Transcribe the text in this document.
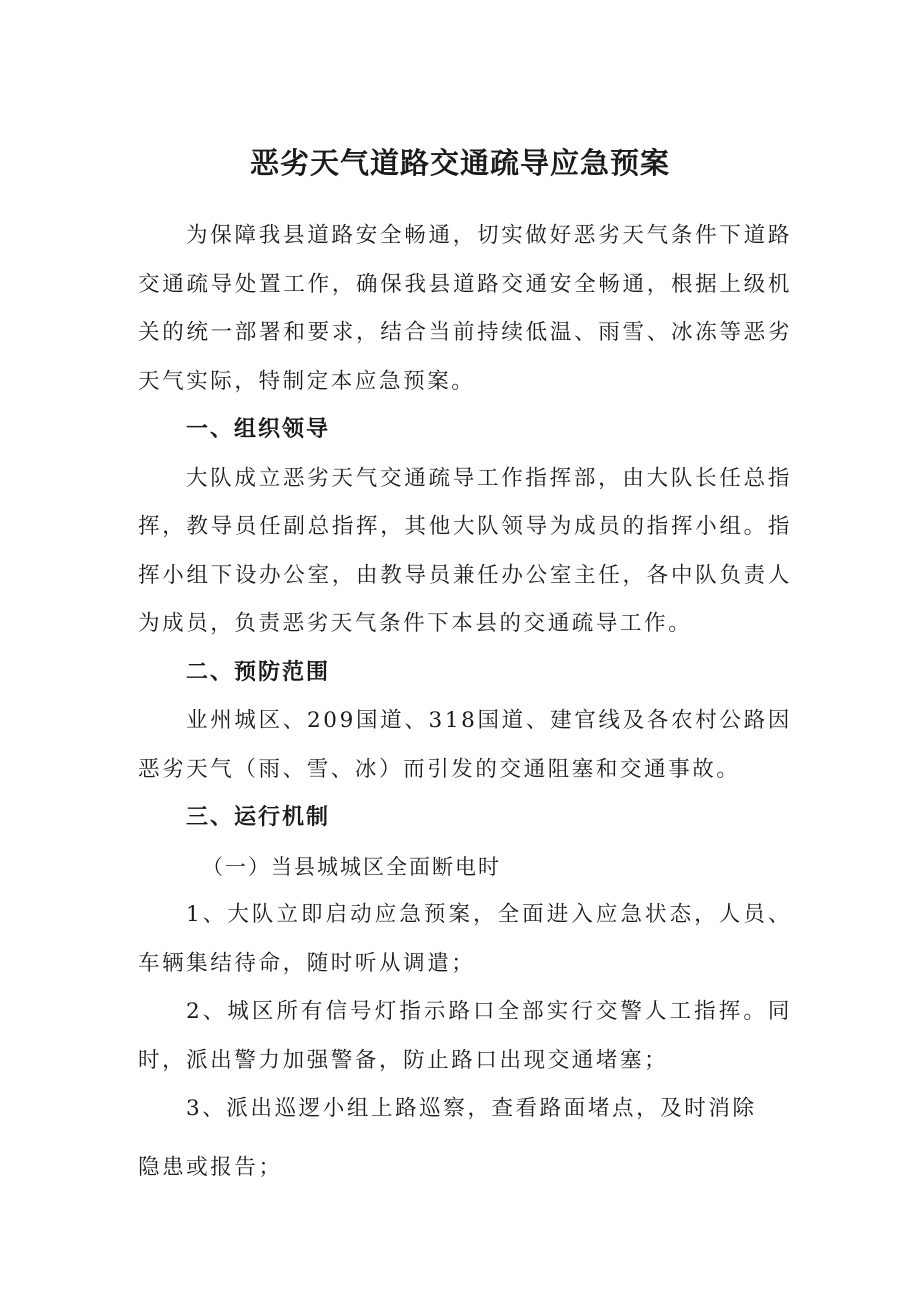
恶劣天气道路交通疏导应急预案

为保障我县道路安全畅通，切实做好恶劣天气条件下道路交通疏导处置工作，确保我县道路交通安全畅通，根据上级机关的统一部署和要求，结合当前持续低温、雨雪、冰冻等恶劣天气实际，特制定本应急预案。

一、组织领导

大队成立恶劣天气交通疏导工作指挥部，由大队长任总指挥，教导员任副总指挥，其他大队领导为成员的指挥小组。指挥小组下设办公室，由教导员兼任办公室主任，各中队负责人为成员，负责恶劣天气条件下本县的交通疏导工作。

二、预防范围

业州城区、209国道、318国道、建官线及各农村公路因恶劣天气（雨、雪、冰）而引发的交通阻塞和交通事故。

三、运行机制

（一）当县城城区全面断电时

1、大队立即启动应急预案，全面进入应急状态，人员、车辆集结待命，随时听从调遣；

2、城区所有信号灯指示路口全部实行交警人工指挥。同时，派出警力加强警备，防止路口出现交通堵塞；

3、派出巡逻小组上路巡察，查看路面堵点，及时消除
隐患或报告；
